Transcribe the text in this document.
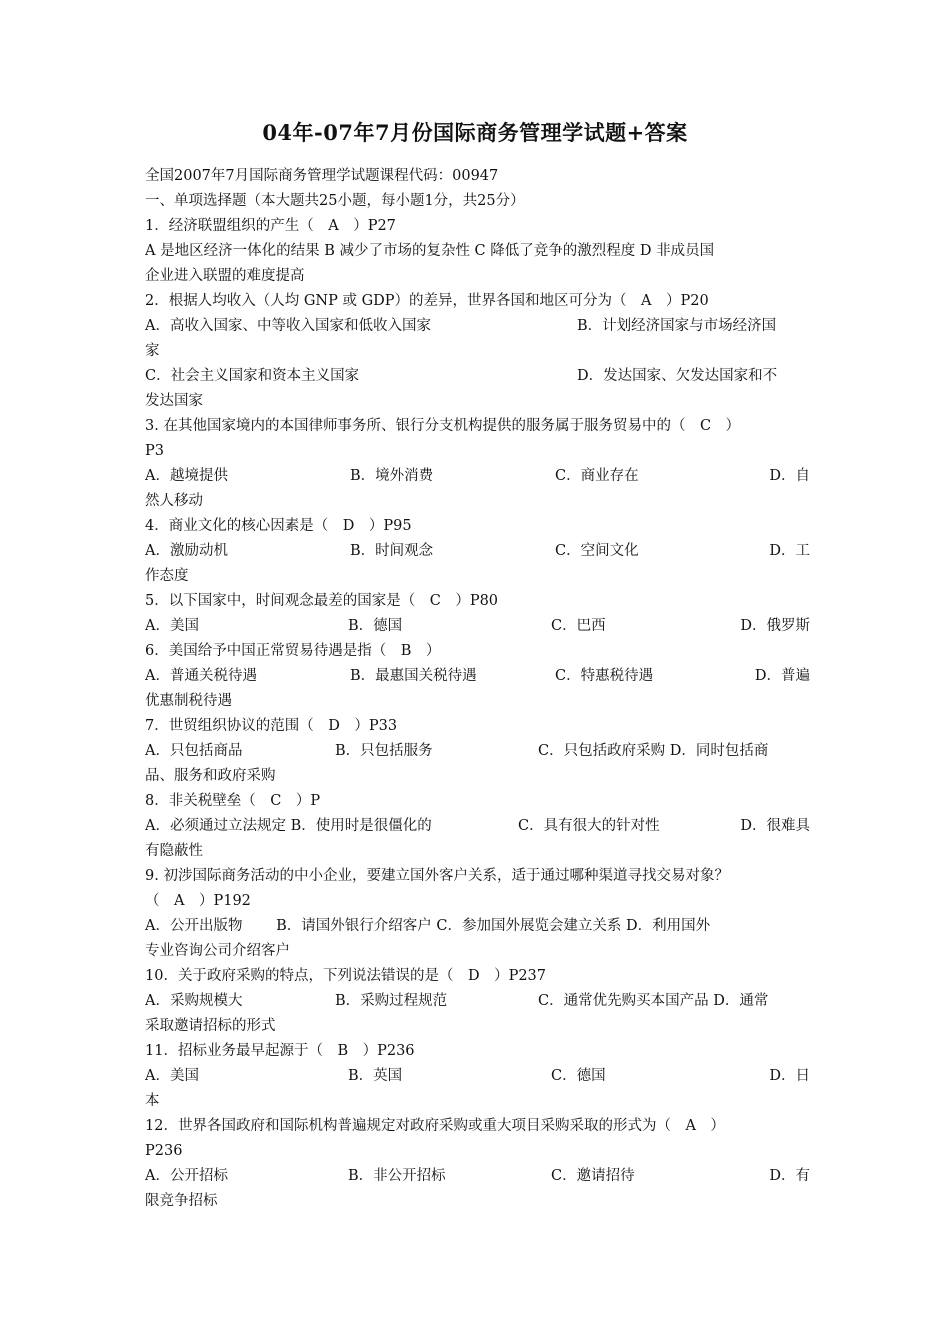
04年-07年7月份国际商务管理学试题+答案
全国2007年7月国际商务管理学试题课程代码：00947
一、单项选择题（本大题共25小题，每小题1分，共25分）
1．经济联盟组织的产生（　A　）P27
A 是地区经济一体化的结果 B 减少了市场的复杂性 C 降低了竞争的激烈程度 D 非成员国
企业进入联盟的难度提高
2．根据人均收入（人均 GNP 或 GDP）的差异，世界各国和地区可分为（　A　）P20
A．高收入国家、中等收入国家和低收入国家	B．计划经济国家与市场经济国
家
C．社会主义国家和资本主义国家	D．发达国家、欠发达国家和不
发达国家
3. 在其他国家境内的本国律师事务所、银行分支机构提供的服务属于服务贸易中的（　C　）
P3
A．越境提供	B．境外消费	C．商业存在	D．自
然人移动
4．商业文化的核心因素是（　D　）P95
A．激励动机	B．时间观念	C．空间文化	D．工
作态度
5．以下国家中，时间观念最差的国家是（　C　）P80
A．美国	B．德国	C．巴西	D．俄罗斯
6．美国给予中国正常贸易待遇是指（　B　）
A．普通关税待遇	B．最惠国关税待遇	C．特惠税待遇	D．普遍
优惠制税待遇
7．世贸组织协议的范围（　D　）P33
A．只包括商品	B．只包括服务	C．只包括政府采购 D．同时包括商
品、服务和政府采购
8．非关税壁垒（　C　）P
A．必须通过立法规定 B．使用时是很僵化的	C．具有很大的针对性	D．很难具
有隐蔽性
9. 初涉国际商务活动的中小企业，要建立国外客户关系，适于通过哪种渠道寻找交易对象？
（　A　）P192
A．公开出版物　　 B．请国外银行介绍客户 C．参加国外展览会建立关系 D．利用国外
专业咨询公司介绍客户
10．关于政府采购的特点，下列说法错误的是（　D　）P237
A．采购规模大	B．采购过程规范	C．通常优先购买本国产品 D．通常
采取邀请招标的形式
11．招标业务最早起源于（　B　）P236
A．美国	B．英国	C．德国	D．日
本
12．世界各国政府和国际机构普遍规定对政府采购或重大项目采购采取的形式为（　A　）
P236
A．公开招标	B．非公开招标	C．邀请招待	D．有
限竞争招标
